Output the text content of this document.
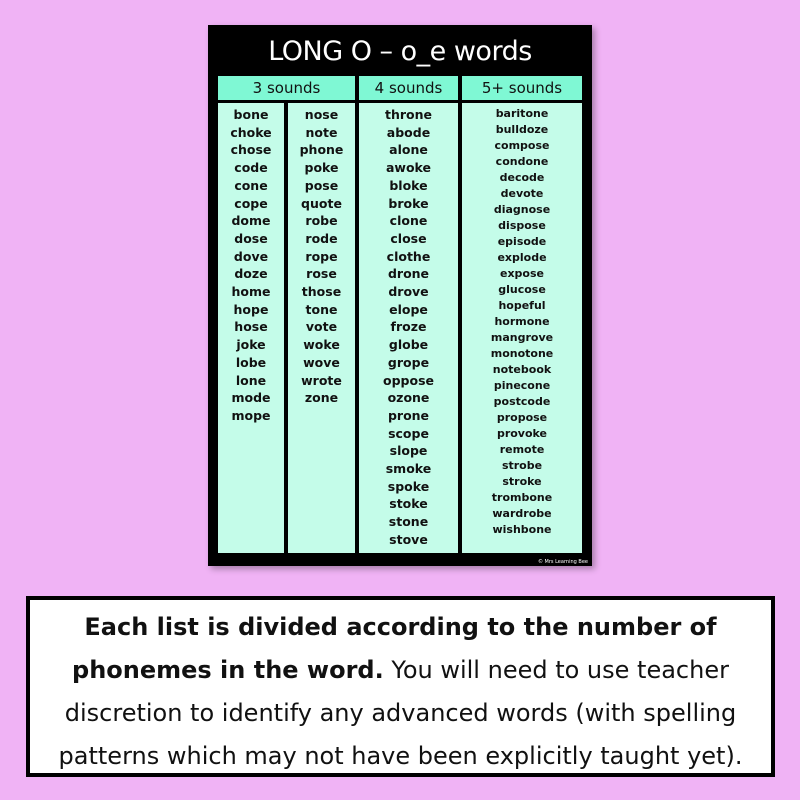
LONG O – o_e words
3 sounds	4 sounds	5+ sounds
bone
choke
chose
code
cone
cope
dome
dose
dove
doze
home
hope
hose
joke
lobe
lone
mode
mope
nose
note
phone
poke
pose
quote
robe
rode
rope
rose
those
tone
vote
woke
wove
wrote
zone
throne
abode
alone
awoke
bloke
broke
clone
close
clothe
drone
drove
elope
froze
globe
grope
oppose
ozone
prone
scope
slope
smoke
spoke
stoke
stone
stove
baritone
bulldoze
compose
condone
decode
devote
diagnose
dispose
episode
explode
expose
glucose
hopeful
hormone
mangrove
monotone
notebook
pinecone
postcode
propose
provoke
remote
strobe
stroke
trombone
wardrobe
wishbone
© Mrs Learning Bee
Each list is divided according to the number of phonemes in the word. You will need to use teacher discretion to identify any advanced words (with spelling patterns which may not have been explicitly taught yet).
